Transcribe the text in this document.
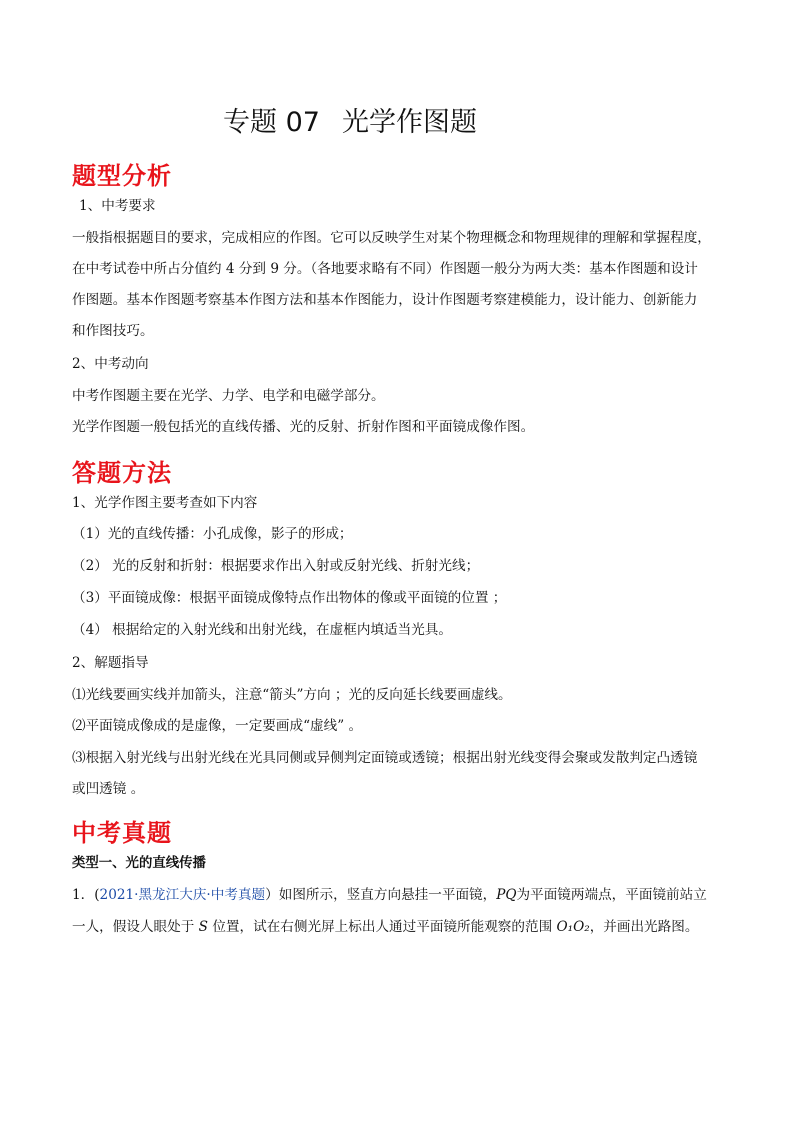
专题 07 光学作图题
题型分析
1、中考要求
一般指根据题目的要求，完成相应的作图。它可以反映学生对某个物理概念和物理规律的理解和掌握程度，
在中考试卷中所占分值约 4 分到 9 分。（各地要求略有不同）作图题一般分为两大类：基本作图题和设计
作图题。基本作图题考察基本作图方法和基本作图能力，设计作图题考察建模能力，设计能力、创新能力
和作图技巧。
2、中考动向
中考作图题主要在光学、力学、电学和电磁学部分。
光学作图题一般包括光的直线传播、光的反射、折射作图和平面镜成像作图。
答题方法
1、光学作图主要考查如下内容
（1）光的直线传播：小孔成像，影子的形成；
（2） 光的反射和折射：根据要求作出入射或反射光线、折射光线；
（3）平面镜成像：根据平面镜成像特点作出物体的像或平面镜的位置 ；
（4） 根据给定的入射光线和出射光线，在虚框内填适当光具。
2、解题指导
⑴光线要画实线并加箭头，注意“箭头”方向 ；光的反向延长线要画虚线。
⑵平面镜成像成的是虚像，一定要画成“虚线” 。
⑶根据入射光线与出射光线在光具同侧或异侧判定面镜或透镜；根据出射光线变得会聚或发散判定凸透镜
或凹透镜 。
中考真题
类型一、光的直线传播
1．(2021·黑龙江大庆·中考真题）如图所示，竖直方向悬挂一平面镜，PQ为平面镜两端点，平面镜前站立
一人，假设人眼处于 S 位置，试在右侧光屏上标出人通过平面镜所能观察的范围 O₁O₂，并画出光路图。
